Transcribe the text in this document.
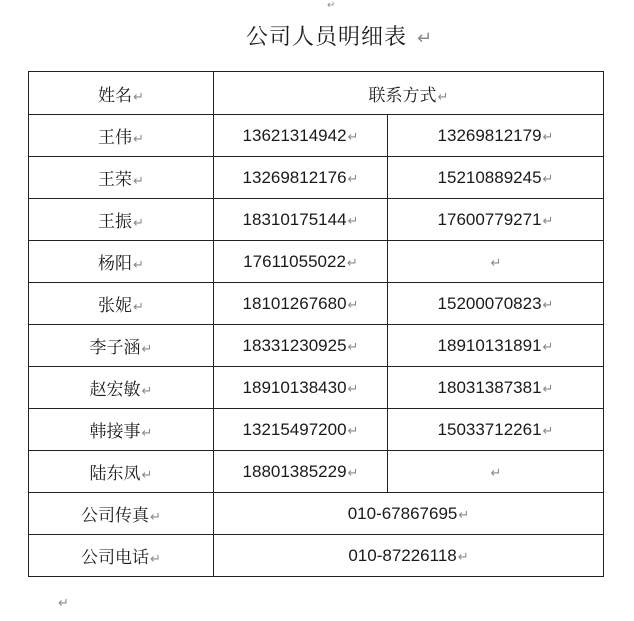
↵
公司人员明细表 ↵
姓名↵	联系方式↵	
王伟↵	13621314942↵	13269812179↵
王荣↵	13269812176↵	15210889245↵
王振↵	18310175144↵	17600779271↵
杨阳↵	17611055022↵	↵
张妮↵	18101267680↵	15200070823↵
李子涵↵	18331230925↵	18910131891↵
赵宏敏↵	18910138430↵	18031387381↵
韩接事↵	13215497200↵	15033712261↵
陆东凤↵	18801385229↵	↵
公司传真↵	010-67867695↵	
公司电话↵	010-87226118↵	
↵
